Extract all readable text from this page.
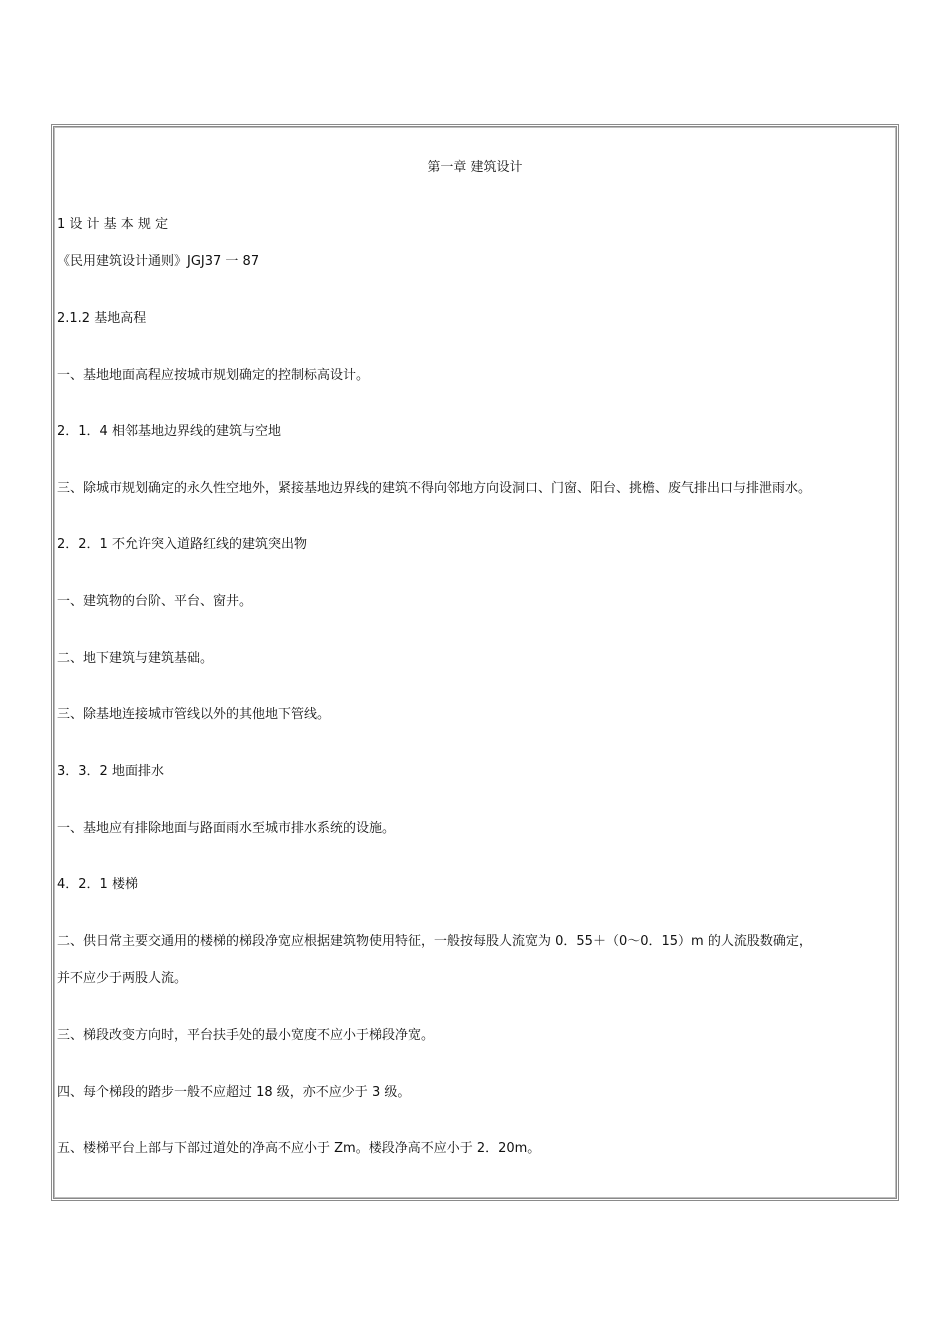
第一章 建筑设计
1 设 计 基 本 规 定
《民用建筑设计通则》JGJ37 一 87
2.1.2 基地高程
一、基地地面高程应按城市规划确定的控制标高设计。
2．1．4 相邻基地边界线的建筑与空地
三、除城市规划确定的永久性空地外，紧接基地边界线的建筑不得向邻地方向设洞口、门窗、阳台、挑檐、废气排出口与排泄雨水。
2．2．1 不允许突入道路红线的建筑突出物
一、建筑物的台阶、平台、窗井。
二、地下建筑与建筑基础。
三、除基地连接城市管线以外的其他地下管线。
3．3．2 地面排水
一、基地应有排除地面与路面雨水至城市排水系统的设施。
4．2．1 楼梯
二、供日常主要交通用的楼梯的梯段净宽应根据建筑物使用特征，一般按每股人流宽为 0．55＋（0～0．15）m 的人流股数确定，
并不应少于两股人流。
三、梯段改变方向时，平台扶手处的最小宽度不应小于梯段净宽。
四、每个梯段的踏步一般不应超过 18 级，亦不应少于 3 级。
五、楼梯平台上部与下部过道处的净高不应小于 Zm。楼段净高不应小于 2．20m。
